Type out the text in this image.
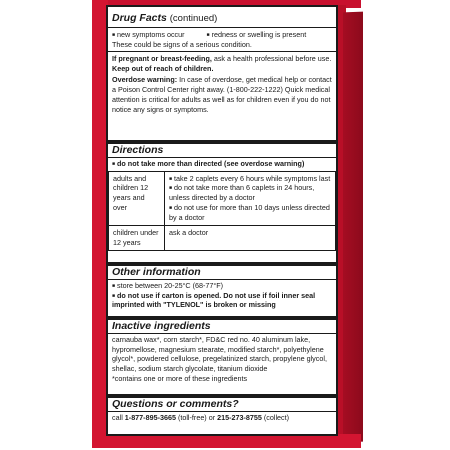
Drug Facts (continued)
■ new symptoms occur	■ redness or swelling is present
These could be signs of a serious condition.
If pregnant or breast-feeding, ask a health professional before use.
Keep out of reach of children.
Overdose warning: In case of overdose, get medical help or contact a Poison Control Center right away. (1-800-222-1222) Quick medical attention is critical for adults as well as for children even if you do not notice any signs or symptoms.
Directions
■ do not take more than directed (see overdose warning)
adults and children 12 years and over	■ take 2 caplets every 6 hours while symptoms last
■ do not take more than 6 caplets in 24 hours, unless directed by a doctor
■ do not use for more than 10 days unless directed by a doctor

children under 12 years	ask a doctor
Other information
■ store between 20-25°C (68-77°F)
■ do not use if carton is opened. Do not use if foil inner seal imprinted with "TYLENOL" is broken or missing
Inactive ingredients
carnauba wax*, corn starch*, FD&C red no. 40 aluminum lake, hypromellose, magnesium stearate, modified starch*, polyethylene glycol*, powdered cellulose, pregelatinized starch, propylene glycol, shellac, sodium starch glycolate, titanium dioxide
*contains one or more of these ingredients
Questions or comments?
call 1-877-895-3665 (toll-free) or 215-273-8755 (collect)
